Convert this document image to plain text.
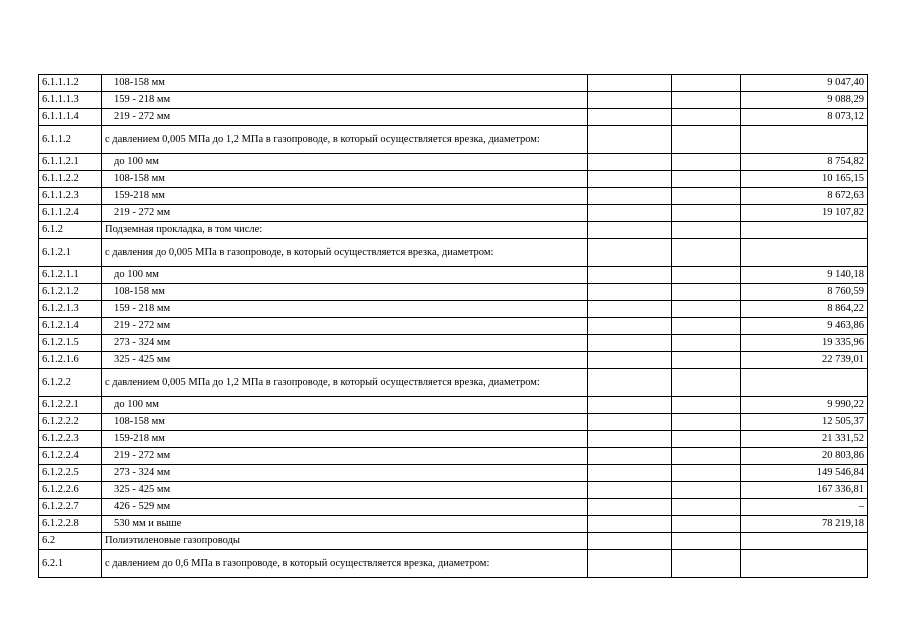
6.1.1.1.2	108-158 мм			9 047,40
6.1.1.1.3	159 - 218 мм			9 088,29
6.1.1.1.4	219 - 272 мм			8 073,12
6.1.1.2	с давлением 0,005 МПа до 1,2 МПа в газопроводе, в который осуществляется врезка, диаметром:			
6.1.1.2.1	до 100 мм			8 754,82
6.1.1.2.2	108-158 мм			10 165,15
6.1.1.2.3	159-218 мм			8 672,63
6.1.1.2.4	219 - 272 мм			19 107,82
6.1.2	Подземная прокладка, в том числе:			
6.1.2.1	с давления до 0,005 МПа в газопроводе, в который осуществляется врезка, диаметром:			
6.1.2.1.1	до 100 мм			9 140,18
6.1.2.1.2	108-158 мм			8 760,59
6.1.2.1.3	159 - 218 мм			8 864,22
6.1.2.1.4	219 - 272 мм			9 463,86
6.1.2.1.5	273 - 324 мм			19 335,96
6.1.2.1.6	325 - 425 мм			22 739,01
6.1.2.2	с давлением 0,005 МПа до 1,2 МПа в газопроводе, в который осуществляется врезка, диаметром:			
6.1.2.2.1	до 100 мм			9 990,22
6.1.2.2.2	108-158 мм			12 505,37
6.1.2.2.3	159-218 мм			21 331,52
6.1.2.2.4	219 - 272 мм			20 803,86
6.1.2.2.5	273 - 324 мм			149 546,84
6.1.2.2.6	325 - 425 мм			167 336,81
6.1.2.2.7	426 - 529 мм			–
6.1.2.2.8	530 мм и выше			78 219,18
6.2	Полиэтиленовые газопроводы			
6.2.1	с давлением до 0,6 МПа в газопроводе, в который осуществляется врезка, диаметром:			
